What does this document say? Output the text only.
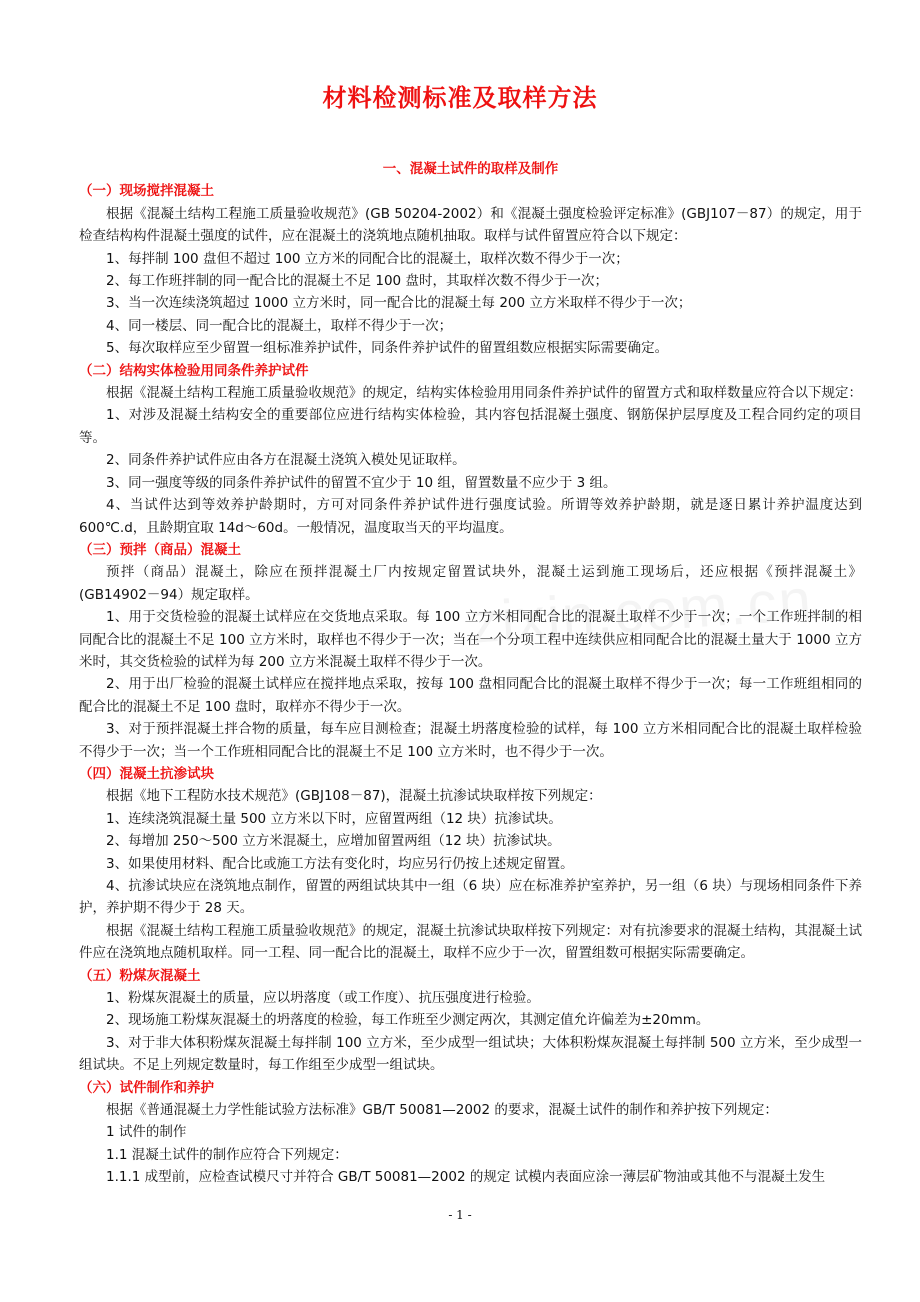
材料检测标准及取样方法

一、混凝土试件的取样及制作

（一）现场搅拌混凝土

根据《混凝土结构工程施工质量验收规范》(GB 50204-2002）和《混凝土强度检验评定标准》(GBJ107－87）的规定，用于检查结构构件混凝土强度的试件，应在混凝土的浇筑地点随机抽取。取样与试件留置应符合以下规定：

1、每拌制 100 盘但不超过 100 立方米的同配合比的混凝土，取样次数不得少于一次；

2、每工作班拌制的同一配合比的混凝土不足 100 盘时，其取样次数不得少于一次；

3、当一次连续浇筑超过 1000 立方米时，同一配合比的混凝土每 200 立方米取样不得少于一次；

4、同一楼层、同一配合比的混凝土，取样不得少于一次；

5、每次取样应至少留置一组标准养护试件，同条件养护试件的留置组数应根据实际需要确定。

（二）结构实体检验用同条件养护试件

根据《混凝土结构工程施工质量验收规范》的规定，结构实体检验用用同条件养护试件的留置方式和取样数量应符合以下规定：

1、对涉及混凝土结构安全的重要部位应进行结构实体检验，其内容包括混凝土强度、钢筋保护层厚度及工程合同约定的项目等。

2、同条件养护试件应由各方在混凝土浇筑入模处见证取样。

3、同一强度等级的同条件养护试件的留置不宜少于 10 组，留置数量不应少于 3 组。

4、当试件达到等效养护龄期时，方可对同条件养护试件进行强度试验。所谓等效养护龄期，就是逐日累计养护温度达到 600℃.d，且龄期宜取 14d～60d。一般情况，温度取当天的平均温度。

（三）预拌（商品）混凝土

预拌（商品）混凝土，除应在预拌混凝土厂内按规定留置试块外，混凝土运到施工现场后，还应根据《预拌混凝土》(GB14902－94）规定取样。

1、用于交货检验的混凝土试样应在交货地点采取。每 100 立方米相同配合比的混凝土取样不少于一次；一个工作班拌制的相同配合比的混凝土不足 100 立方米时，取样也不得少于一次；当在一个分项工程中连续供应相同配合比的混凝土量大于 1000 立方米时，其交货检验的试样为每 200 立方米混凝土取样不得少于一次。

2、用于出厂检验的混凝土试样应在搅拌地点采取，按每 100 盘相同配合比的混凝土取样不得少于一次；每一工作班组相同的配合比的混凝土不足 100 盘时，取样亦不得少于一次。

3、对于预拌混凝土拌合物的质量，每车应目测检查；混凝土坍落度检验的试样，每 100 立方米相同配合比的混凝土取样检验不得少于一次；当一个工作班相同配合比的混凝土不足 100 立方米时，也不得少于一次。

（四）混凝土抗渗试块

根据《地下工程防水技术规范》(GBJ108－87)，混凝土抗渗试块取样按下列规定：

1、连续浇筑混凝土量 500 立方米以下时，应留置两组（12 块）抗渗试块。

2、每增加 250～500 立方米混凝土，应增加留置两组（12 块）抗渗试块。

3、如果使用材料、配合比或施工方法有变化时，均应另行仍按上述规定留置。

4、抗渗试块应在浇筑地点制作，留置的两组试块其中一组（6 块）应在标准养护室养护，另一组（6 块）与现场相同条件下养护，养护期不得少于 28 天。

根据《混凝土结构工程施工质量验收规范》的规定，混凝土抗渗试块取样按下列规定：对有抗渗要求的混凝土结构，其混凝土试件应在浇筑地点随机取样。同一工程、同一配合比的混凝土，取样不应少于一次，留置组数可根据实际需要确定。

（五）粉煤灰混凝土

1、粉煤灰混凝土的质量，应以坍落度（或工作度）、抗压强度进行检验。

2、现场施工粉煤灰混凝土的坍落度的检验，每工作班至少测定两次，其测定值允许偏差为±20mm。

3、对于非大体积粉煤灰混凝土每拌制 100 立方米，至少成型一组试块；大体积粉煤灰混凝土每拌制 500 立方米，至少成型一组试块。不足上列规定数量时，每工作组至少成型一组试块。

（六）试件制作和养护

根据《普通混凝土力学性能试验方法标准》GB/T 50081—2002 的要求，混凝土试件的制作和养护按下列规定：

1 试件的制作

1.1 混凝土试件的制作应符合下列规定：

1.1.1 成型前，应检查试模尺寸并符合 GB/T 50081—2002 的规定 试模内表面应涂一薄层矿物油或其他不与混凝土发生

- 1 -
